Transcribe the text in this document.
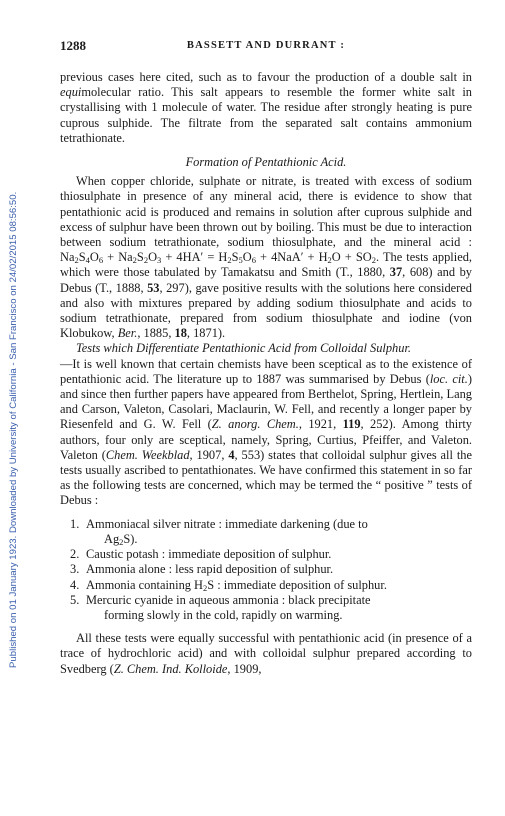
Published on 01 January 1923. Downloaded by University of California - San Francisco on 24/02/2015 08:56:50.
1288	BASSETT AND DURRANT :

previous cases here cited, such as to favour the production of a double salt in equimolecular ratio. This salt appears to resemble the former white salt in crystallising with 1 molecule of water. The residue after strongly heating is pure cuprous sulphide. The filtrate from the separated salt contains ammonium tetrathionate.

Formation of Pentathionic Acid.

When copper chloride, sulphate or nitrate, is treated with excess of sodium thiosulphate in presence of any mineral acid, there is evidence to show that pentathionic acid is produced and remains in solution after cuprous sulphide and excess of sulphur have been thrown out by boiling. This must be due to interaction between sodium tetrathionate, sodium thiosulphate, and the mineral acid : $Na_2S_4O_6 + Na_2S_2O_3 + 4HA' = H_2S_5O_6 + 4NaA' + H_2O + SO_2$. The tests applied, which were those tabulated by Tamakatsu and Smith (T., 1880, 37, 608) and by Debus (T., 1888, 53, 297), gave positive results with the solutions here considered and also with mixtures prepared by adding sodium thiosulphate and acids to sodium tetrathionate, prepared from sodium thiosulphate and iodine (von Klobukow, Ber., 1885, 18, 1871).

Tests which Differentiate Pentathionic Acid from Colloidal Sulphur.
—It is well known that certain chemists have been sceptical as to the existence of pentathionic acid. The literature up to 1887 was summarised by Debus (loc. cit.) and since then further papers have appeared from Berthelot, Spring, Hertlein, Lang and Carson, Valeton, Casolari, Maclaurin, W. Fell, and recently a longer paper by Riesenfeld and G. W. Fell (Z. anorg. Chem., 1921, 119, 252). Among thirty authors, four only are sceptical, namely, Spring, Curtius, Pfeiffer, and Valeton. Valeton (Chem. Weekblad, 1907, 4, 553) states that colloidal sulphur gives all the tests usually ascribed to pentathionates. We have confirmed this statement in so far as the following tests are concerned, which may be termed the “ positive ” tests of Debus :

1. Ammoniacal silver nitrate : immediate darkening (due to
$Ag_2S$).
2. Caustic potash : immediate deposition of sulphur.
3. Ammonia alone : less rapid deposition of sulphur.
4. Ammonia containing $H_2S$ : immediate deposition of sulphur.
5. Mercuric cyanide in aqueous ammonia : black precipitate
forming slowly in the cold, rapidly on warming.

All these tests were equally successful with pentathionic acid (in presence of a trace of hydrochloric acid) and with colloidal sulphur prepared according to Svedberg (Z. Chem. Ind. Kolloide, 1909,
